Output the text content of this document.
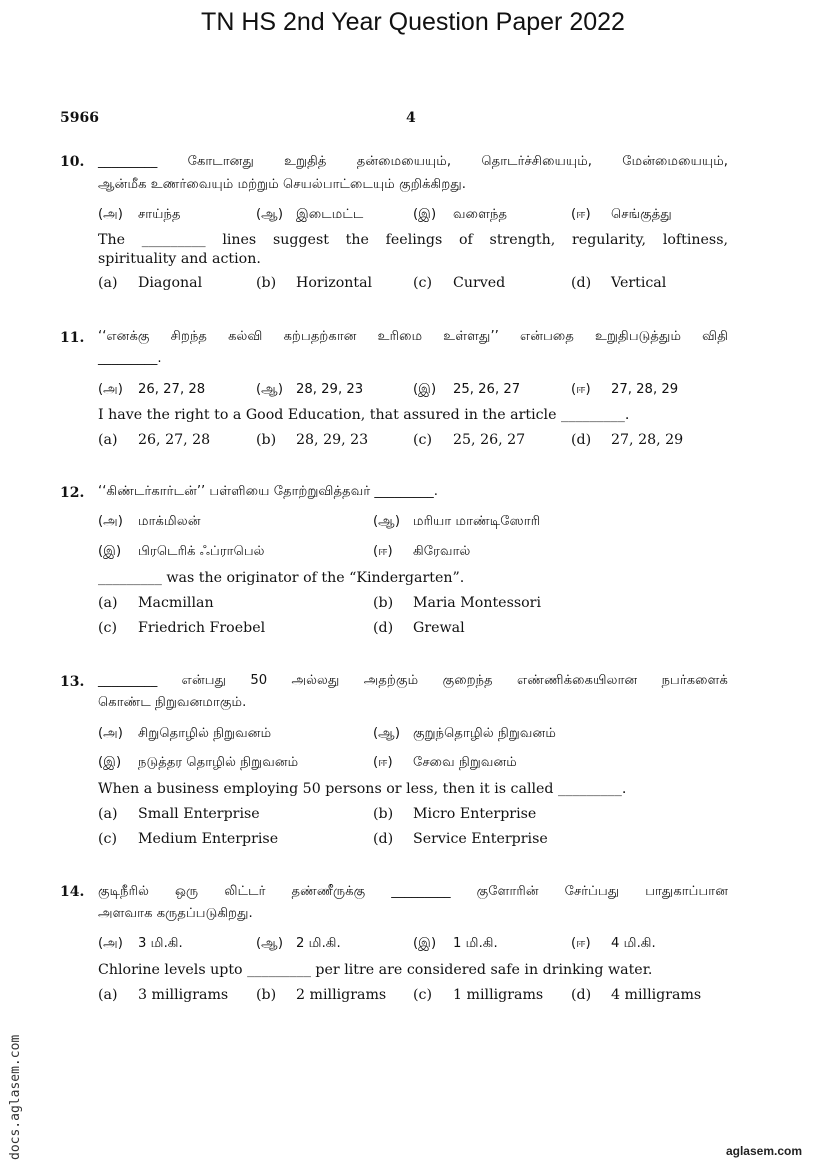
TN HS 2nd Year Question Paper 2022
5966	4
10. _________ கோடானது உறுதித் தன்மையையும், தொடர்ச்சியையும், மேன்மையையும்,
ஆன்மீக உணர்வையும் மற்றும் செயல்பாட்டையும் குறிக்கிறது.
(அ) சாய்ந்த	(ஆ) இடைமட்ட	(இ) வளைந்த	(ஈ) செங்குத்து
The _________ lines suggest the feelings of strength, regularity, loftiness,
spirituality and action.
(a) Diagonal	(b) Horizontal	(c) Curved	(d) Vertical
11. ‘‘எனக்கு சிறந்த கல்வி கற்பதற்கான உரிமை உள்ளது’’ என்பதை உறுதிபடுத்தும் விதி
_________.
(அ) 26, 27, 28	(ஆ) 28, 29, 23	(இ) 25, 26, 27	(ஈ) 27, 28, 29
I have the right to a Good Education, that assured in the article _________.
(a) 26, 27, 28	(b) 28, 29, 23	(c) 25, 26, 27	(d) 27, 28, 29
12. ‘‘கிண்டர்கார்டன்’’ பள்ளியை தோற்றுவித்தவர் _________.
(அ) மாக்மிலன்	(ஆ) மரியா மாண்டிஸோரி
(இ) பிரடெரிக் ஃப்ராபெல்	(ஈ) கிரேவால்
_________ was the originator of the “Kindergarten”.
(a) Macmillan	(b) Maria Montessori
(c) Friedrich Froebel	(d) Grewal
13. _________ என்பது 50 அல்லது அதற்கும் குறைந்த எண்ணிக்கையிலான நபர்களைக்
கொண்ட நிறுவனமாகும்.
(அ) சிறுதொழில் நிறுவனம்	(ஆ) குறுந்தொழில் நிறுவனம்
(இ) நடுத்தர தொழில் நிறுவனம்	(ஈ) சேவை நிறுவனம்
When a business employing 50 persons or less, then it is called _________.
(a) Small Enterprise	(b) Micro Enterprise
(c) Medium Enterprise	(d) Service Enterprise
14. குடிநீரில் ஒரு லிட்டர் தண்ணீருக்கு _________ குளோரின் சேர்ப்பது பாதுகாப்பான
அளவாக கருதப்படுகிறது.
(அ) 3 மி.கி.	(ஆ) 2 மி.கி.	(இ) 1 மி.கி.	(ஈ) 4 மி.கி.
Chlorine levels upto _________ per litre are considered safe in drinking water.
(a) 3 milligrams (b) 2 milligrams (c) 1 milligrams (d) 4 milligrams
docs.aglasem.com	aglasem.com
